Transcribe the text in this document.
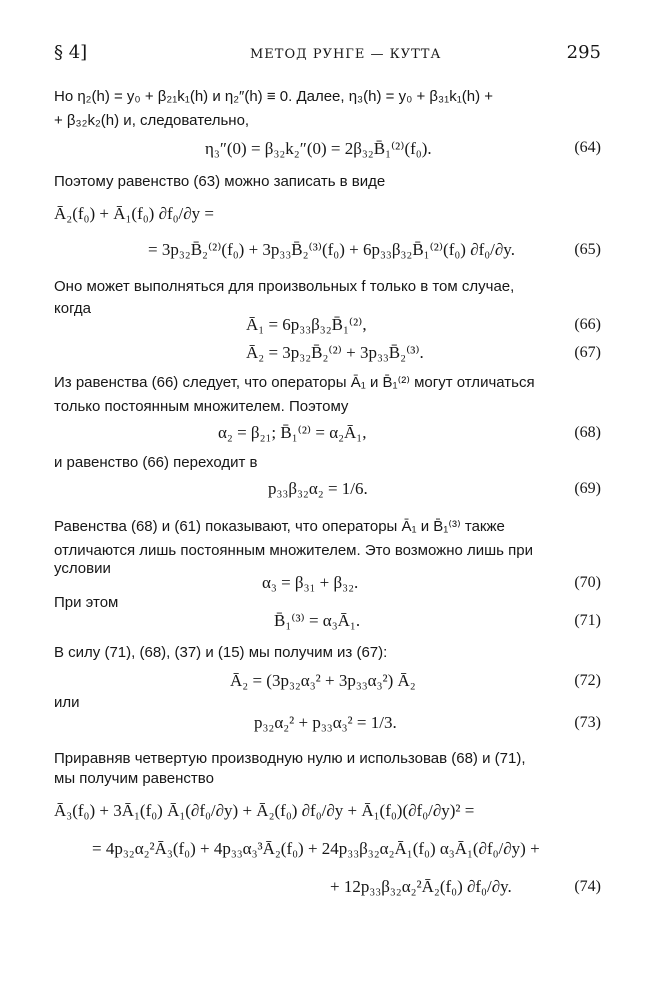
§ 4]	МЕТОД РУНГЕ — КУТТА	295
Но η₂(h) = y₀ + β₂₁k₁(h) и η₂″(h) ≡ 0. Далее, η₃(h) = y₀ + β₃₁k₁(h) +
+ β₃₂k₂(h) и, следовательно,
η₃″(0) = β₃₂k₂″(0) = 2β₃₂B̄₁⁽²⁾(f₀).	(64)
Поэтому равенство (63) можно записать в виде
Ā₂(f₀) + Ā₁(f₀) ∂f₀/∂y =
= 3p₃₂B̄₂⁽²⁾(f₀) + 3p₃₃B̄₂⁽³⁾(f₀) + 6p₃₃β₃₂B̄₁⁽²⁾(f₀) ∂f₀/∂y.	(65)
Оно может выполняться для произвольных f только в том случае,
когда
Ā₁ = 6p₃₃β₃₂B̄₁⁽²⁾,	(66)
Ā₂ = 3p₃₂B̄₂⁽²⁾ + 3p₃₃B̄₂⁽³⁾.	(67)
Из равенства (66) следует, что операторы Ā₁ и B̄₁⁽²⁾ могут отличаться
только постоянным множителем. Поэтому
α₂ = β₂₁; B̄₁⁽²⁾ = α₂Ā₁,	(68)
и равенство (66) переходит в
p₃₃β₃₂α₂ = 1/6.	(69)
Равенства (68) и (61) показывают, что операторы Ā₁ и B̄₁⁽³⁾ также
отличаются лишь постоянным множителем. Это возможно лишь при
условии
α₃ = β₃₁ + β₃₂.	(70)
При этом
B̄₁⁽³⁾ = α₃Ā₁.	(71)
В силу (71), (68), (37) и (15) мы получим из (67):
Ā₂ = (3p₃₂α₃² + 3p₃₃α₃²) Ā₂	(72)
или
p₃₂α₂² + p₃₃α₃² = 1/3.	(73)
Приравняв четвертую производную нулю и использовав (68) и (71),
мы получим равенство
Ā₃(f₀) + 3Ā₁(f₀) Ā₁(∂f₀/∂y) + Ā₂(f₀) ∂f₀/∂y + Ā₁(f₀)(∂f₀/∂y)² =
= 4p₃₂α₂²Ā₃(f₀) + 4p₃₃α₃³Ā₂(f₀) + 24p₃₃β₃₂α₂Ā₁(f₀) α₃Ā₁(∂f₀/∂y) +
+ 12p₃₃β₃₂α₂²Ā₂(f₀) ∂f₀/∂y.	(74)
